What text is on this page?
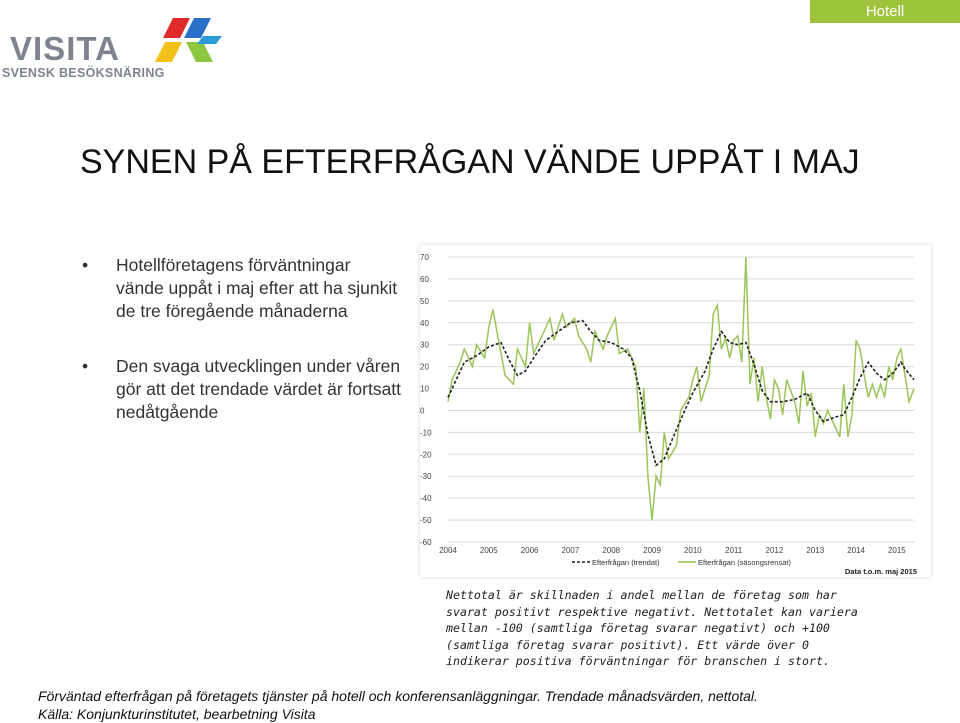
Hotell
VISITA
SVENSK BESÖKSNÄRING
SYNEN PÅ EFTERFRÅGAN VÄNDE UPPÅT I MAJ
• Hotellföretagens förväntningar vände uppåt i maj efter att ha sjunkit de tre föregående månaderna
• Den svaga utvecklingen under våren gör att det trendade värdet är fortsatt nedåtgående
70
60
50
40
30
20
10
0
-10
-20
-30
-40
-50
-60
2004	2005	2006	2007	2008	2009	2010	2011	2012	2013	2014	2015
Efterfrågan (trendat)	Efterfrågan (säsongsrensat)
Data t.o.m. maj 2015
Nettotal är skillnaden i andel mellan de företag som har svarat positivt respektive negativt. Nettotalet kan variera mellan -100 (samtliga företag svarar negativt) och +100 (samtliga företag svarar positivt). Ett värde över 0 indikerar positiva förväntningar för branschen i stort.
Förväntad efterfrågan på företagets tjänster på hotell och konferensanläggningar. Trendade månadsvärden, nettotal.
Källa: Konjunkturinstitutet, bearbetning Visita
